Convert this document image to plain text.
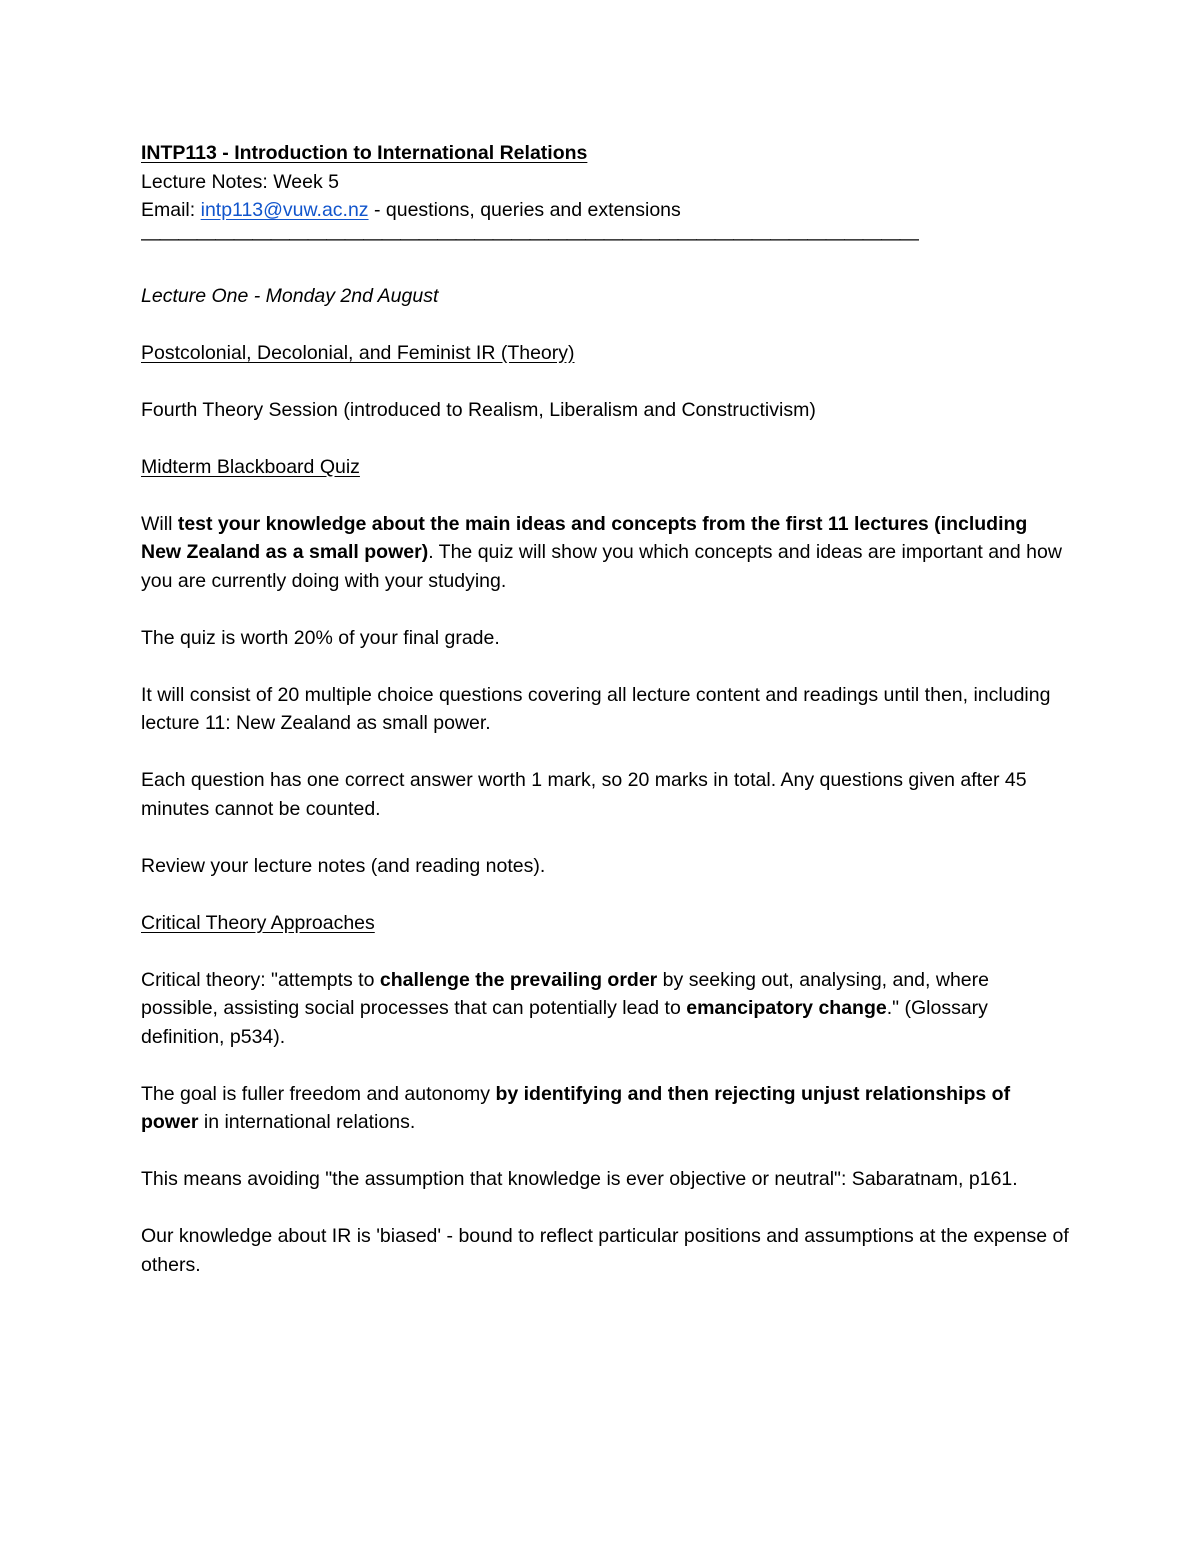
INTP113 - Introduction to International Relations

Lecture Notes: Week 5

Email: intp113@vuw.ac.nz - questions, queries and extensions

——————————————————————————————————————————

Lecture One - Monday 2nd August

Postcolonial, Decolonial, and Feminist IR (Theory)

Fourth Theory Session (introduced to Realism, Liberalism and Constructivism)

Midterm Blackboard Quiz

Will test your knowledge about the main ideas and concepts from the first 11 lectures (including New Zealand as a small power). The quiz will show you which concepts and ideas are important and how you are currently doing with your studying.

The quiz is worth 20% of your final grade.

It will consist of 20 multiple choice questions covering all lecture content and readings until then, including lecture 11: New Zealand as small power.

Each question has one correct answer worth 1 mark, so 20 marks in total. Any questions given after 45 minutes cannot be counted.

Review your lecture notes (and reading notes).

Critical Theory Approaches

Critical theory: "attempts to challenge the prevailing order by seeking out, analysing, and, where possible, assisting social processes that can potentially lead to emancipatory change." (Glossary definition, p534).

The goal is fuller freedom and autonomy by identifying and then rejecting unjust relationships of power in international relations.

This means avoiding "the assumption that knowledge is ever objective or neutral": Sabaratnam, p161.

Our knowledge about IR is 'biased' - bound to reflect particular positions and assumptions at the expense of others.
